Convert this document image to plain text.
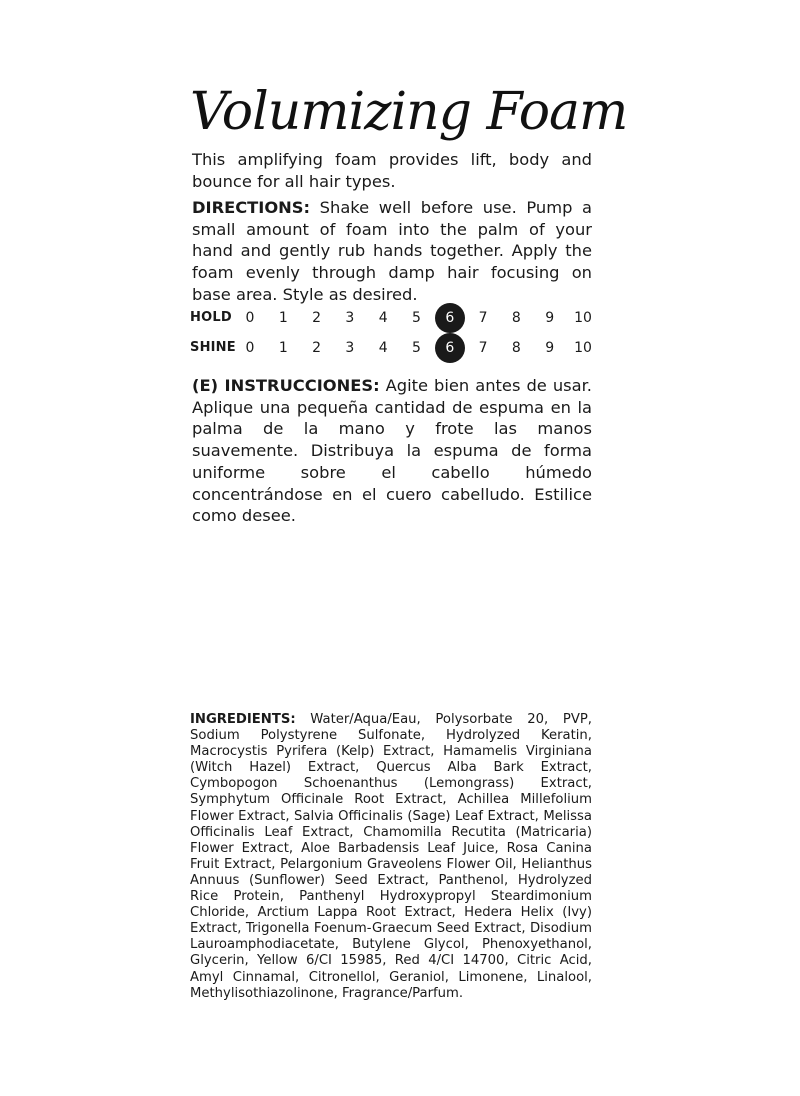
Volumizing Foam

This amplifying foam provides lift, body and bounce for all hair types.

DIRECTIONS: Shake well before use. Pump a small amount of foam into the palm of your hand and gently rub hands together. Apply the foam evenly through damp hair focusing on base area. Style as desired.

HOLD 0	1	2	3	4	5	6	7	8	9	10
SHINE 0	1	2	3	4	5	6	7	8	9	10

(E) INSTRUCCIONES: Agite bien antes de usar. Aplique una pequeña cantidad de espuma en la palma de la mano y frote las manos suavemente. Distribuya la espuma de forma uniforme sobre el cabello húmedo concentrándose en el cuero cabelludo. Estilice como desee.

INGREDIENTS: Water/Aqua/Eau, Polysorbate 20, PVP, Sodium Polystyrene Sulfonate, Hydrolyzed Keratin, Macrocystis Pyrifera (Kelp) Extract, Hamamelis Virginiana (Witch Hazel) Extract, Quercus Alba Bark Extract, Cymbopogon Schoenanthus (Lemongrass) Extract, Symphytum Officinale Root Extract, Achillea Millefolium Flower Extract, Salvia Officinalis (Sage) Leaf Extract, Melissa Officinalis Leaf Extract, Chamomilla Recutita (Matricaria) Flower Extract, Aloe Barbadensis Leaf Juice, Rosa Canina Fruit Extract, Pelargonium Graveolens Flower Oil, Helianthus Annuus (Sunflower) Seed Extract, Panthenol, Hydrolyzed Rice Protein, Panthenyl Hydroxypropyl Steardimonium Chloride, Arctium Lappa Root Extract, Hedera Helix (Ivy) Extract, Trigonella Foenum-Graecum Seed Extract, Disodium Lauroamphodiacetate, Butylene Glycol, Phenoxyethanol, Glycerin, Yellow 6/CI 15985, Red 4/CI 14700, Citric Acid, Amyl Cinnamal, Citronellol, Geraniol, Limonene, Linalool, Methylisothiazolinone, Fragrance/Parfum.
